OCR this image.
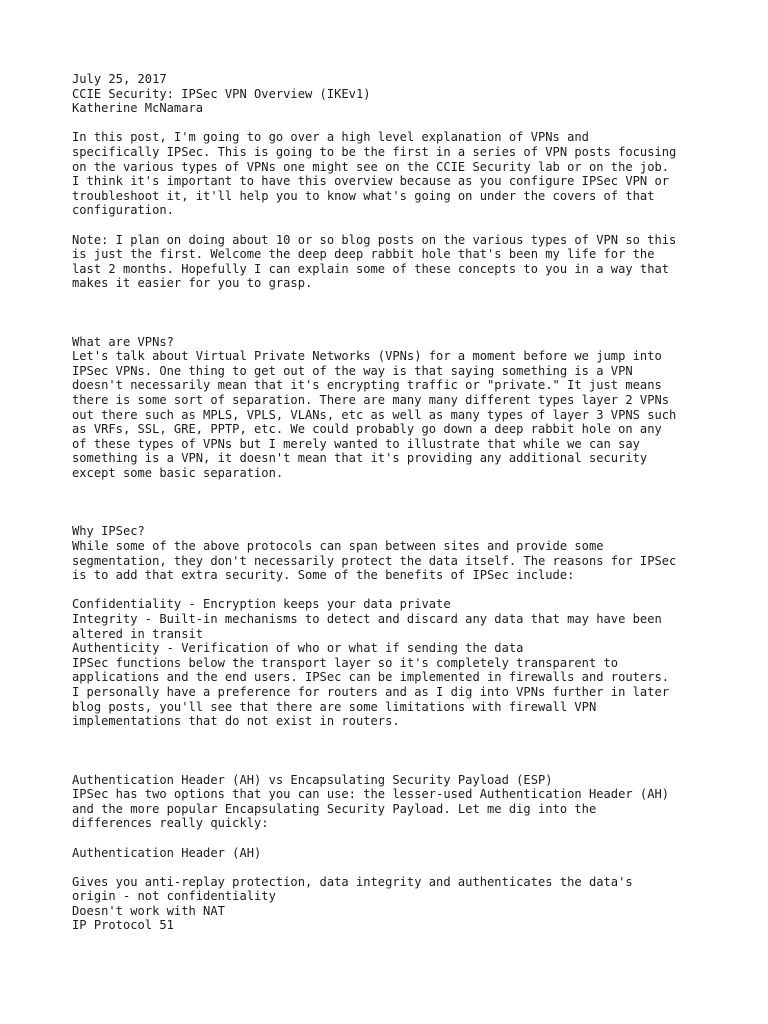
July 25, 2017
CCIE Security: IPSec VPN Overview (IKEv1)
Katherine McNamara
In this post, I'm going to go over a high level explanation of VPNs and
specifically IPSec. This is going to be the first in a series of VPN posts focusing
on the various types of VPNs one might see on the CCIE Security lab or on the job.
I think it's important to have this overview because as you configure IPSec VPN or
troubleshoot it, it'll help you to know what's going on under the covers of that
configuration.
Note: I plan on doing about 10 or so blog posts on the various types of VPN so this
is just the first. Welcome the deep deep rabbit hole that's been my life for the
last 2 months. Hopefully I can explain some of these concepts to you in a way that
makes it easier for you to grasp.
What are VPNs?
Let's talk about Virtual Private Networks (VPNs) for a moment before we jump into
IPSec VPNs. One thing to get out of the way is that saying something is a VPN
doesn't necessarily mean that it's encrypting traffic or "private." It just means
there is some sort of separation. There are many many different types layer 2 VPNs
out there such as MPLS, VPLS, VLANs, etc as well as many types of layer 3 VPNS such
as VRFs, SSL, GRE, PPTP, etc. We could probably go down a deep rabbit hole on any
of these types of VPNs but I merely wanted to illustrate that while we can say
something is a VPN, it doesn't mean that it's providing any additional security
except some basic separation.
Why IPSec?
While some of the above protocols can span between sites and provide some
segmentation, they don't necessarily protect the data itself. The reasons for IPSec
is to add that extra security. Some of the benefits of IPSec include:
Confidentiality - Encryption keeps your data private
Integrity - Built-in mechanisms to detect and discard any data that may have been
altered in transit
Authenticity - Verification of who or what if sending the data
IPSec functions below the transport layer so it's completely transparent to
applications and the end users. IPSec can be implemented in firewalls and routers.
I personally have a preference for routers and as I dig into VPNs further in later
blog posts, you'll see that there are some limitations with firewall VPN
implementations that do not exist in routers.
Authentication Header (AH) vs Encapsulating Security Payload (ESP)
IPSec has two options that you can use: the lesser-used Authentication Header (AH)
and the more popular Encapsulating Security Payload. Let me dig into the
differences really quickly:
Authentication Header (AH)
Gives you anti-replay protection, data integrity and authenticates the data's
origin - not confidentiality
Doesn't work with NAT
IP Protocol 51
